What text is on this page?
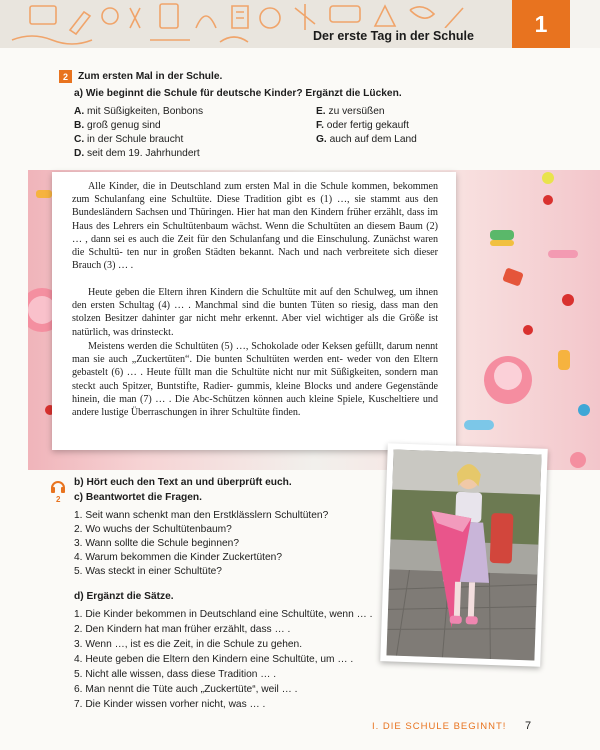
Der erste Tag in der Schule	1
2 Zum ersten Mal in der Schule.
a) Wie beginnt die Schule für deutsche Kinder? Ergänzt die Lücken.
A. mit Süßigkeiten, Bonbons
B. groß genug sind
C. in der Schule braucht
D. seit dem 19. Jahrhundert
E. zu versüßen
F. oder fertig gekauft
G. auch auf dem Land
Alle Kinder, die in Deutschland zum ersten Mal in die Schule kommen, bekommen zum Schulanfang eine Schultüte. Diese Tradition gibt es (1) …, sie stammt aus den Bundesländern Sachsen und Thüringen. Hier hat man den Kindern früher erzählt, dass im Haus des Lehrers ein Schultütenbaum wächst. Wenn die Schultüten an diesem Baum (2) … , dann sei es auch die Zeit für den Schulanfang und die Einschulung. Zunächst waren die Schultü- ten nur in großen Städten bekannt. Nach und nach verbreitete sich dieser Brauch (3) … .
Heute geben die Eltern ihren Kindern die Schultüte mit auf den Schulweg, um ihnen den ersten Schultag (4) … . Manchmal sind die bunten Tüten so riesig, dass man den stolzen Besitzer dahinter gar nicht mehr erkennt. Aber viel wichtiger als die Größe ist natürlich, was drinsteckt.
Meistens werden die Schultüten (5) …, Schokolade oder Keksen gefüllt, darum nennt man sie auch „Zuckertüten“. Die bunten Schultüten werden ent- weder von den Eltern gebastelt (6) … . Heute füllt man die Schultüte nicht nur mit Süßigkeiten, sondern man steckt auch Spitzer, Buntstifte, Radier- gummis, kleine Blocks und andere Gegenstände hinein, die man (7) … . Die Abc-Schützen können auch kleine Spiele, Kuscheltiere und andere lustige Überraschungen in ihrer Schultüte finden.
2
b) Hört euch den Text an und überprüft euch.
c) Beantwortet die Fragen.
1. Seit wann schenkt man den Erstklässlern Schultüten?
2. Wo wuchs der Schultütenbaum?
3. Wann sollte die Schule beginnen?
4. Warum bekommen die Kinder Zuckertüten?
5. Was steckt in einer Schultüte?
d) Ergänzt die Sätze.
1. Die Kinder bekommen in Deutschland eine Schultüte, wenn … .
2. Den Kindern hat man früher erzählt, dass … .
3. Wenn …, ist es die Zeit, in die Schule zu gehen.
4. Heute geben die Eltern den Kindern eine Schultüte, um … .
5. Nicht alle wissen, dass diese Tradition … .
6. Man nennt die Tüte auch „Zuckertüte“, weil … .
7. Die Kinder wissen vorher nicht, was … .
I. DIE SCHULE BEGINNT! 7
